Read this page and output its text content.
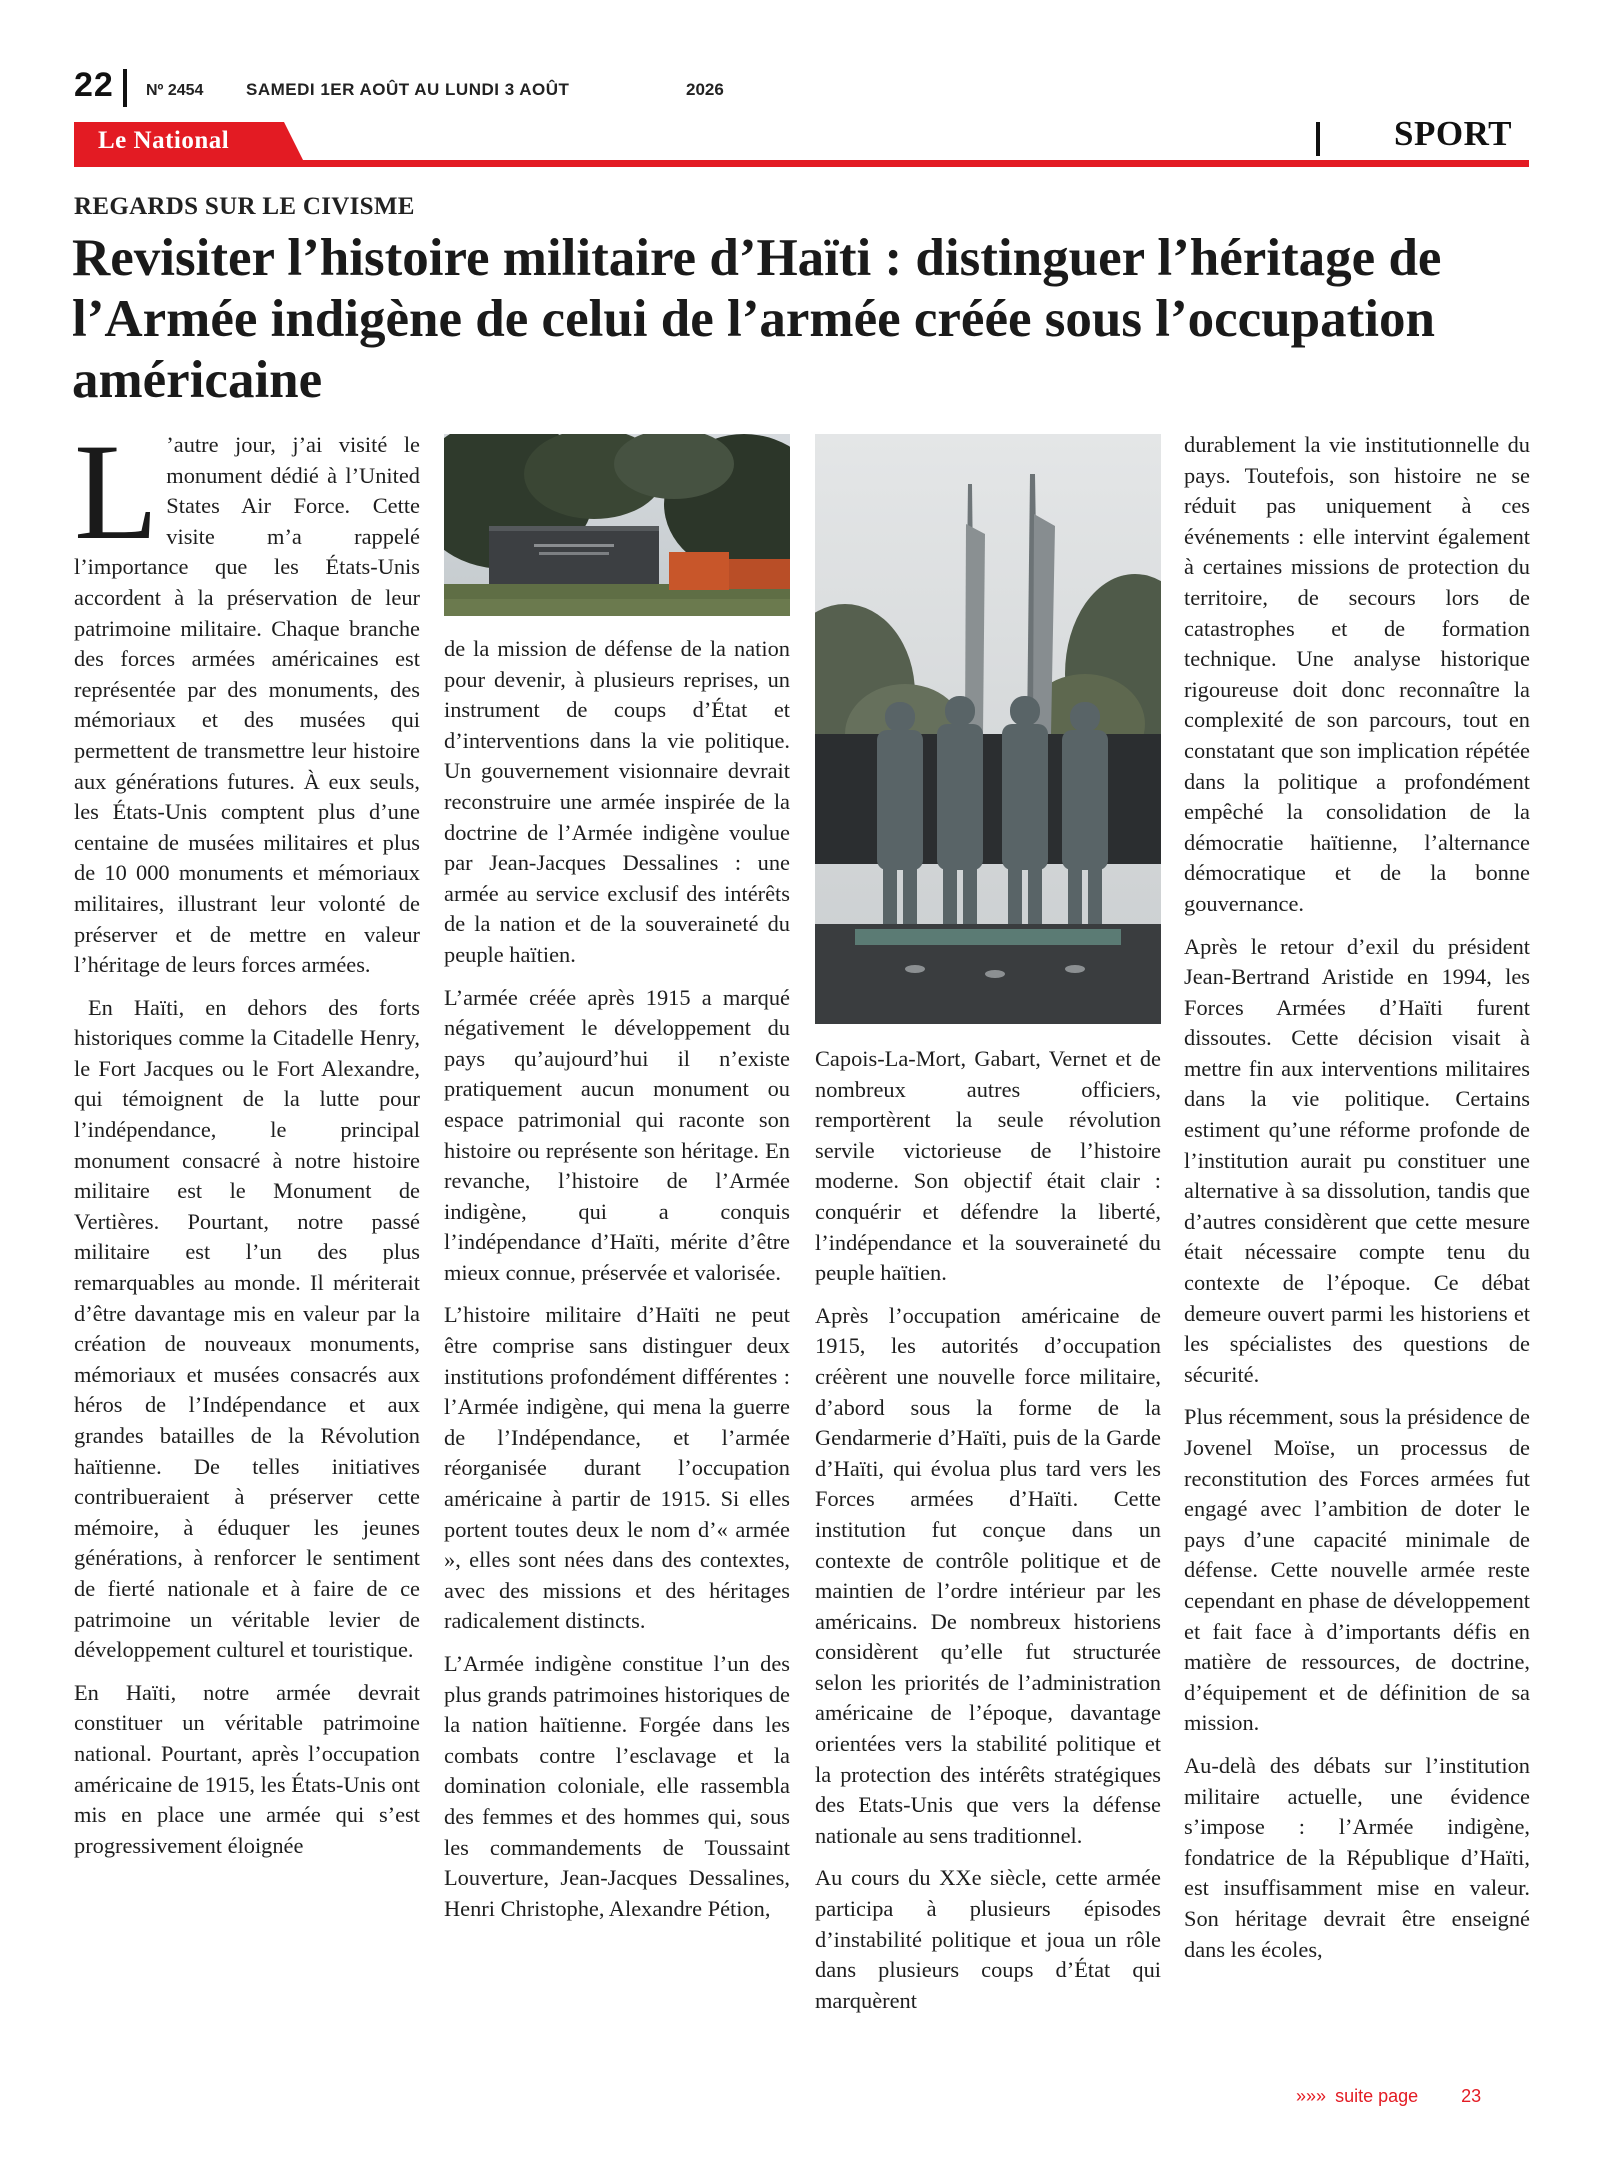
22 Nº 2454	SAMEDI 1ER AOÛT AU LUNDI 3 AOÛT	2026
Le National	SPORT
REGARDS SUR LE CIVISME
Revisiter l’histoire militaire d’Haïti : distinguer l’héritage de l’Armée indigène de celui de l’armée créée sous l’occupation américaine

L ’autre jour, j’ai visité le monument dédié à l’United States Air Force. Cette visite m’a rappelé l’importance que les États-Unis accordent à la préservation de leur patrimoine militaire. Chaque branche des forces armées américaines est représentée par des monuments, des mémoriaux et des musées qui permettent de transmettre leur histoire aux générations futures. À eux seuls, les États-Unis comptent plus d’une centaine de musées militaires et plus de 10 000 monuments et mémoriaux militaires, illustrant leur volonté de préserver et de mettre en valeur l’héritage de leurs forces armées.

En Haïti, en dehors des forts historiques comme la Citadelle Henry, le Fort Jacques ou le Fort Alexandre, qui témoignent de la lutte pour l’indépendance, le principal monument consacré à notre histoire militaire est le Monument de Vertières. Pourtant, notre passé militaire est l’un des plus remarquables au monde. Il mériterait d’être davantage mis en valeur par la création de nouveaux monuments, mémoriaux et musées consacrés aux héros de l’Indépendance et aux grandes batailles de la Révolution haïtienne. De telles initiatives contribueraient à préserver cette mémoire, à éduquer les jeunes générations, à renforcer le sentiment de fierté nationale et à faire de ce patrimoine un véritable levier de développement culturel et touristique.

En Haïti, notre armée devrait constituer un véritable patrimoine national. Pourtant, après l’occupation américaine de 1915, les États-Unis ont mis en place une armée qui s’est progressivement éloignée

de la mission de défense de la nation pour devenir, à plusieurs reprises, un instrument de coups d’État et d’interventions dans la vie politique. Un gouvernement visionnaire devrait reconstruire une armée inspirée de la doctrine de l’Armée indigène voulue par Jean-Jacques Dessalines : une armée au service exclusif des intérêts de la nation et de la souveraineté du peuple haïtien.

L’armée créée après 1915 a marqué négativement le développement du pays qu’aujourd’hui il n’existe pratiquement aucun monument ou espace patrimonial qui raconte son histoire ou représente son héritage. En revanche, l’histoire de l’Armée indigène, qui a conquis l’indépendance d’Haïti, mérite d’être mieux connue, préservée et valorisée.

L’histoire militaire d’Haïti ne peut être comprise sans distinguer deux institutions profondément différentes : l’Armée indigène, qui mena la guerre de l’Indépendance, et l’armée réorganisée durant l’occupation américaine à partir de 1915. Si elles portent toutes deux le nom d’« armée », elles sont nées dans des contextes, avec des missions et des héritages radicalement distincts.

L’Armée indigène constitue l’un des plus grands patrimoines historiques de la nation haïtienne. Forgée dans les combats contre l’esclavage et la domination coloniale, elle rassembla des femmes et des hommes qui, sous les commandements de Toussaint Louverture, Jean-Jacques Dessalines, Henri Christophe, Alexandre Pétion,

Capois-La-Mort, Gabart, Vernet et de nombreux autres officiers, remportèrent la seule révolution servile victorieuse de l’histoire moderne. Son objectif était clair : conquérir et défendre la liberté, l’indépendance et la souveraineté du peuple haïtien.

Après l’occupation américaine de 1915, les autorités d’occupation créèrent une nouvelle force militaire, d’abord sous la forme de la Gendarmerie d’Haïti, puis de la Garde d’Haïti, qui évolua plus tard vers les Forces armées d’Haïti. Cette institution fut conçue dans un contexte de contrôle politique et de maintien de l’ordre intérieur par les américains. De nombreux historiens considèrent qu’elle fut structurée selon les priorités de l’administration américaine de l’époque, davantage orientées vers la stabilité politique et la protection des intérêts stratégiques des Etats-Unis que vers la défense nationale au sens traditionnel.

Au cours du XXe siècle, cette armée participa à plusieurs épisodes d’instabilité politique et joua un rôle dans plusieurs coups d’État qui marquèrent

durablement la vie institutionnelle du pays. Toutefois, son histoire ne se réduit pas uniquement à ces événements : elle intervint également à certaines missions de protection du territoire, de secours lors de catastrophes et de formation technique. Une analyse historique rigoureuse doit donc reconnaître la complexité de son parcours, tout en constatant que son implication répétée dans la politique a profondément empêché la consolidation de la démocratie haïtienne, l’alternance démocratique et de la bonne gouvernance.

Après le retour d’exil du président Jean-Bertrand Aristide en 1994, les Forces Armées d’Haïti furent dissoutes. Cette décision visait à mettre fin aux interventions militaires dans la vie politique. Certains estiment qu’une réforme profonde de l’institution aurait pu constituer une alternative à sa dissolution, tandis que d’autres considèrent que cette mesure était nécessaire compte tenu du contexte de l’époque. Ce débat demeure ouvert parmi les historiens et les spécialistes des questions de sécurité.

Plus récemment, sous la présidence de Jovenel Moïse, un processus de reconstitution des Forces armées fut engagé avec l’ambition de doter le pays d’une capacité minimale de défense. Cette nouvelle armée reste cependant en phase de développement et fait face à d’importants défis en matière de ressources, de doctrine, d’équipement et de définition de sa mission.

Au-delà des débats sur l’institution militaire actuelle, une évidence s’impose : l’Armée indigène, fondatrice de la République d’Haïti, est insuffisamment mise en valeur. Son héritage devrait être enseigné dans les écoles,

»»» suite page 23
